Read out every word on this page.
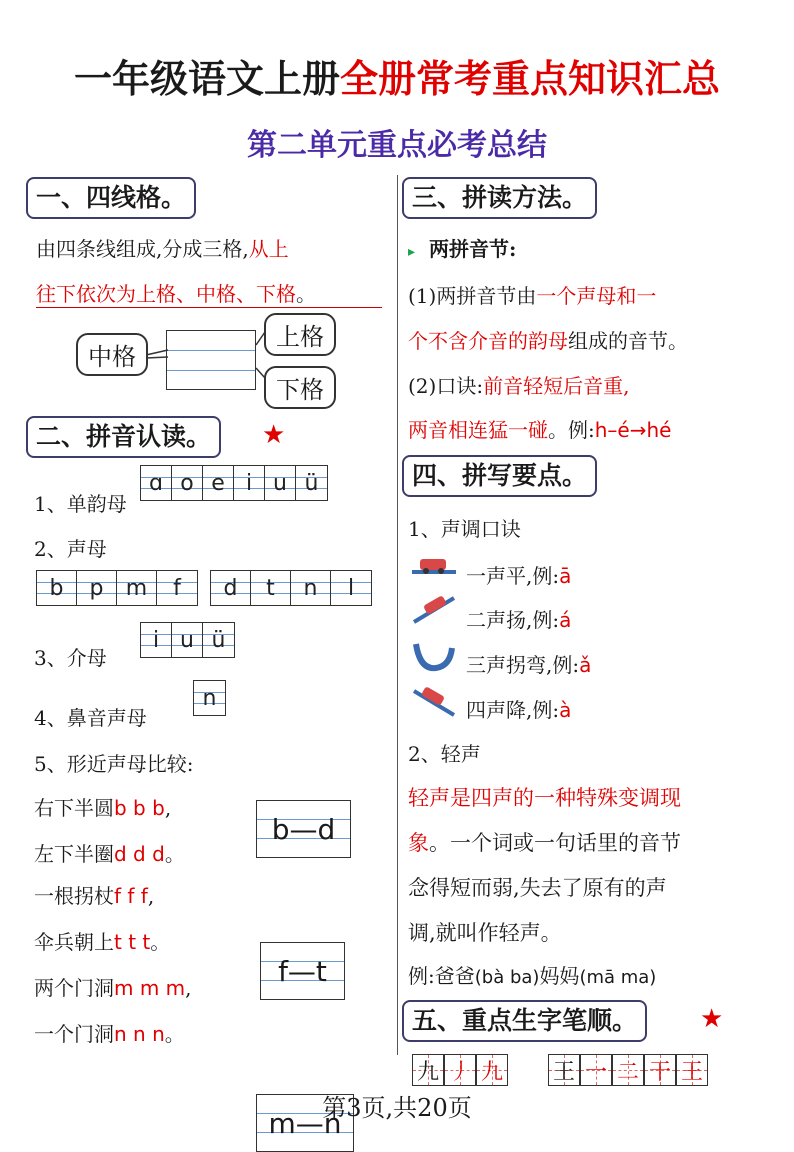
一年级语文上册全册常考重点知识汇总
第二单元重点必考总结
一、四线格。
由四条线组成,分成三格,从上
往下依次为上格、中格、下格。
中格
上格
下格
二、拼音认读。	★
1、单韵母
ɑ o e i u ü
2、声母
b p m f d t n l
3、介母
i u ü
4、鼻音声母
n
5、形近声母比较:
右下半圆b b b,
左下半圈d d d。
b—d
一根拐杖f f f,
伞兵朝上t t t。
f—t
两个门洞m m m,
一个门洞n n n。
m—n
三、拼读方法。
▸ 两拼音节:
(1)两拼音节由一个声母和一
个不含介音的韵母组成的音节。
(2)口诀:前音轻短后音重,
两音相连猛一碰。例:h–é→hé
四、拼写要点。
1、声调口诀
一声平,例:ā
二声扬,例:á
三声拐弯,例:ǎ
四声降,例:à
2、轻声
轻声是四声的一种特殊变调现
象。一个词或一句话里的音节
念得短而弱,失去了原有的声
调,就叫作轻声。
例:爸爸(bà ba)妈妈(mā ma)
五、重点生字笔顺。	★
九 丿 九 王 一 二 干 王
第3页,共20页
